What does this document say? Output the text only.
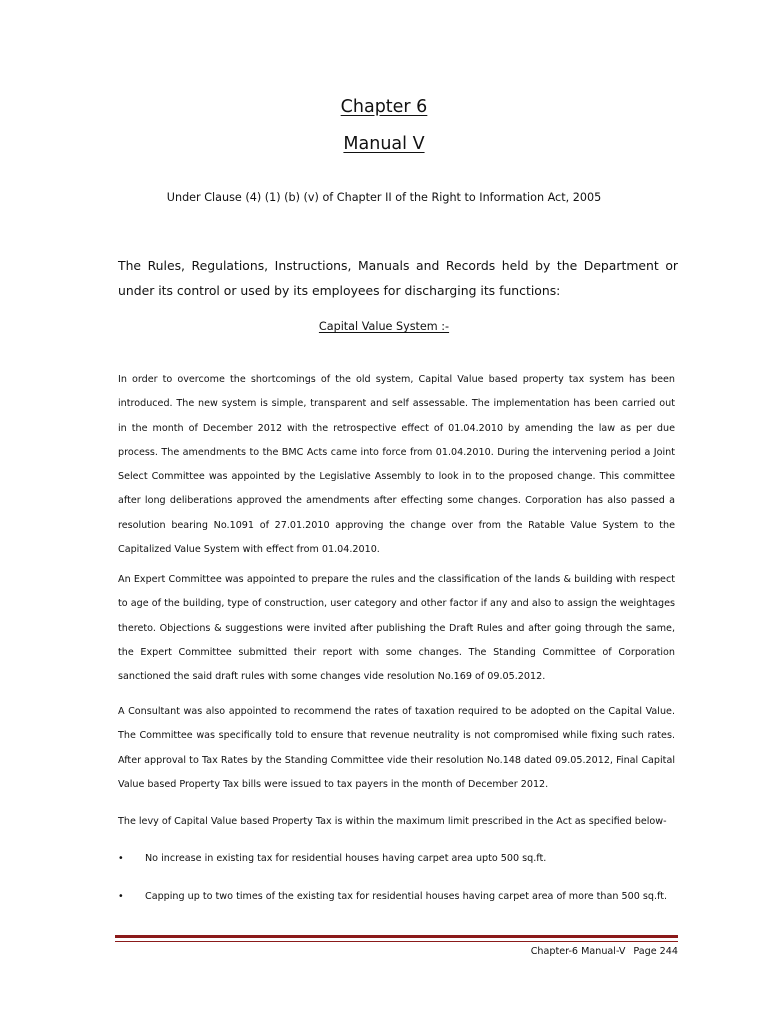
Chapter 6
Manual V
Under Clause (4) (1) (b) (v) of Chapter II of the Right to Information Act, 2005
The Rules, Regulations, Instructions, Manuals and Records held by the Department or under its control or used by its employees for discharging its functions:
Capital Value System :-

In order to overcome the shortcomings of the old system, Capital Value based property tax system has been introduced. The new system is simple, transparent and self assessable. The implementation has been carried out in the month of December 2012 with the retrospective effect of 01.04.2010 by amending the law as per due process. The amendments to the BMC Acts came into force from 01.04.2010. During the intervening period a Joint Select Committee was appointed by the Legislative Assembly to look in to the proposed change. This committee after long deliberations approved the amendments after effecting some changes. Corporation has also passed a resolution bearing No.1091 of 27.01.2010 approving the change over from the Ratable Value System to the Capitalized Value System with effect from 01.04.2010.

An Expert Committee was appointed to prepare the rules and the classification of the lands & building with respect to age of the building, type of construction, user category and other factor if any and also to assign the weightages thereto. Objections & suggestions were invited after publishing the Draft Rules and after going through the same, the Expert Committee submitted their report with some changes. The Standing Committee of Corporation sanctioned the said draft rules with some changes vide resolution No.169 of 09.05.2012.

A Consultant was also appointed to recommend the rates of taxation required to be adopted on the Capital Value. The Committee was specifically told to ensure that revenue neutrality is not compromised while fixing such rates. After approval to Tax Rates by the Standing Committee vide their resolution No.148 dated 09.05.2012, Final Capital Value based Property Tax bills were issued to tax payers in the month of December 2012.

The levy of Capital Value based Property Tax is within the maximum limit prescribed in the Act as specified below-

• No increase in existing tax for residential houses having carpet area upto 500 sq.ft.
• Capping up to two times of the existing tax for residential houses having carpet area of more than 500 sq.ft.
Chapter-6 Manual-V Page 244
